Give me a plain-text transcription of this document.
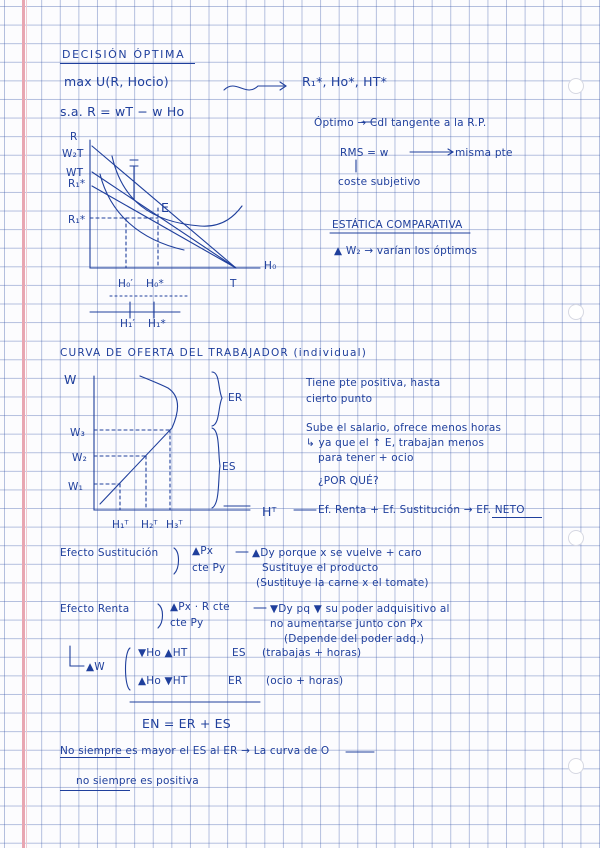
DECISIÓN ÓPTIMA
max U(R, Hocio)	R₁*, Ho*, HT*
s.a. R = wT − w Ho
Óptimo → CdI tangente a la R.P.
RMS = w	misma pte
coste subjetivo
ESTÁTICA COMPARATIVA
▲ W₂ → varían los óptimos
R
W₂T
WT
R₁*
R₁*
E
H₀′ H₀*	T
H₀
H₁′ H₁*
CURVA DE OFERTA DEL TRABAJADOR (individual)
W
W₃
W₂
W₁
H₁ᵀ H₂ᵀ H₃ᵀ
Hᵀ
ER
ES
Tiene pte positiva, hasta
cierto punto
Sube el salario, ofrece menos horas
↳ ya que el ↑ E, trabajan menos
para tener + ocio
¿POR QUÉ?
Ef. Renta + Ef. Sustitución → EF. NETO
Efecto Sustitución	▲Px
cte Py
▲Dy porque x se vuelve + caro
Sustituye el producto
(Sustituye la carne x el tomate)
Efecto Renta	▲Px · R cte
cte Py
▼Dy pq ▼ su poder adquisitivo al
no aumentarse junto con Px
(Depende del poder adq.)
▲W
▼Ho ▲HT	ES (trabajas + horas)
▲Ho ▼HT	ER (ocio + horas)
EN = ER + ES
No siempre es mayor el ES al ER → La curva de O
no siempre es positiva
